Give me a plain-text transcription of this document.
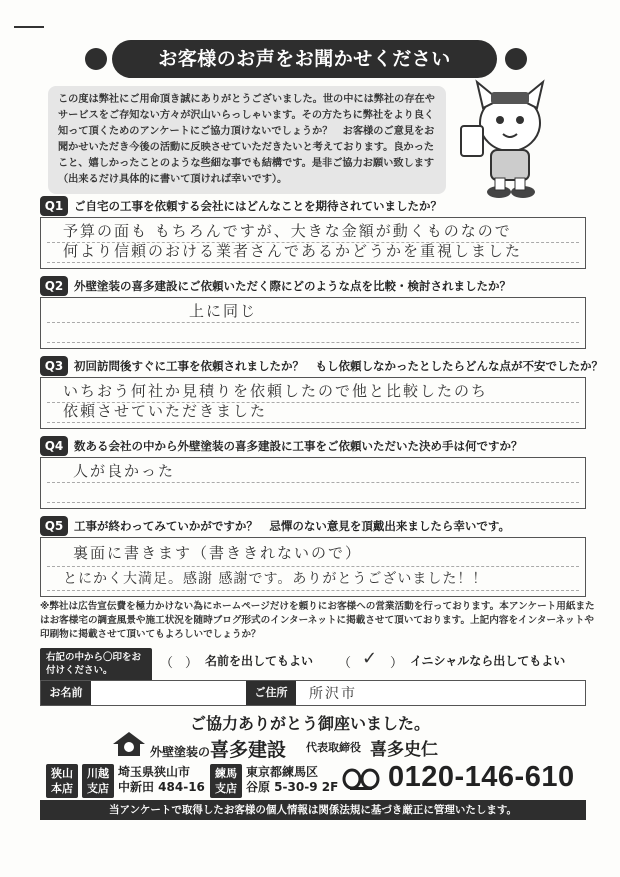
お客様のお声をお聞かせください
この度は弊社にご用命頂き誠にありがとうございました。世の中には弊社の存在やサービスをご存知ない方々が沢山いらっしゃいます。その方たちに弊社をより良く知って頂くためのアンケートにご協力頂けないでしょうか？　お客様のご意見をお聞かせいただき今後の活動に反映させていただきたいと考えております。良かったこと、嬉しかったことのような些細な事でも結構です。是非ご協力お願い致します（出来るだけ具体的に書いて頂ければ幸いです）。
Q1 ご自宅の工事を依頼する会社にはどんなことを期待されていましたか？
予算の面も もちろんですが、大きな金額が動くものなので
何より信頼のおける業者さんであるかどうかを重視しました
Q2 外壁塗装の喜多建設にご依頼いただく際にどのような点を比較・検討されましたか？
上に同じ
Q3 初回訪問後すぐに工事を依頼されましたか？　もし依頼しなかったとしたらどんな点が不安でしたか？
いちおう何社か見積りを依頼したので他と比較したのち
依頼させていただきました
Q4 数ある会社の中から外壁塗装の喜多建設に工事をご依頼いただいた決め手は何ですか？
人が良かった
Q5 工事が終わってみていかがですか？　忌憚のない意見を頂戴出来ましたら幸いです。
裏面に書きます（書ききれないので）
とにかく大満足。感謝 感謝です。ありがとうございました！！
※弊社は広告宣伝費を極力かけない為にホームページだけを頼りにお客様への営業活動を行っております。本アンケート用紙またはお客様宅の調査風景や施工状況を随時ブログ形式のインターネットに掲載させて頂いております。上記内容をインターネットや印刷物に掲載させて頂いてもよろしいでしょうか？
右記の中から〇印をお付けください。	（ ） 名前を出してもよい （ ✓ ） イニシャルなら出してもよい
お名前	ご住所	所沢市
ご協力ありがとう御座いました。
外壁塗装の喜多建設 代表取締役 喜多史仁
狭山
本店
川越
支店
埼玉県狭山市
中新田 484-16
練馬
支店
東京都練馬区
谷原 5-30-9 2F 0120-146-610
当アンケートで取得したお客様の個人情報は関係法規に基づき厳正に管理いたします。
